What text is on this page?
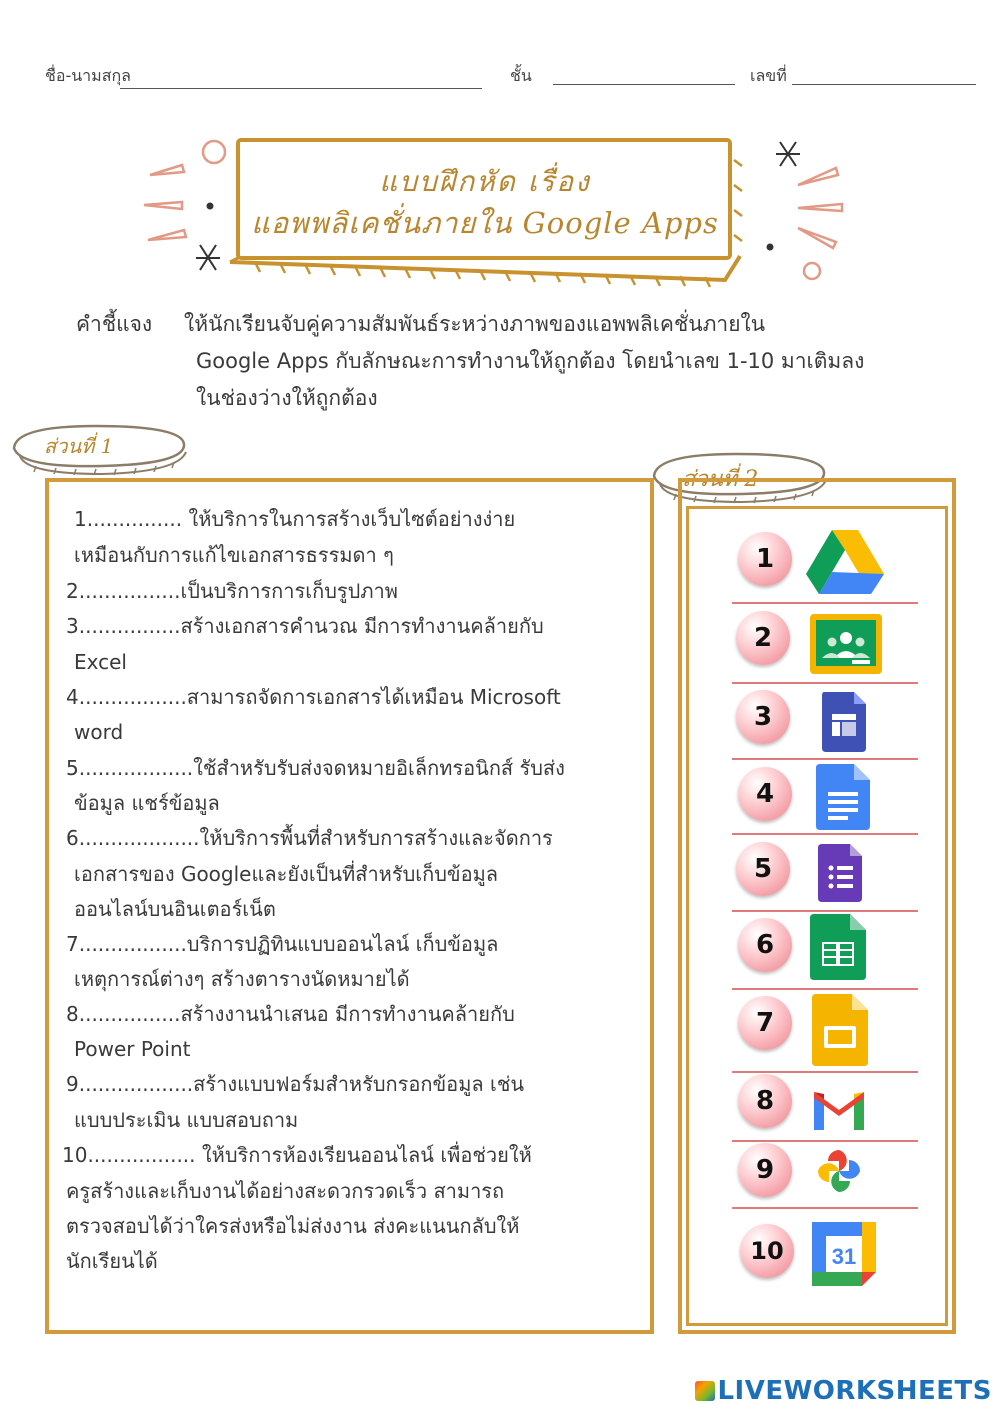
ชื่อ-นามสกุล	ชั้น	เลขที่
แบบฝึกหัด เรื่อง
แอพพลิเคชั่นภายใน Google Apps
คำชี้แจง ให้นักเรียนจับคู่ความสัมพันธ์ระหว่างภาพของแอพพลิเคชั่นภายใน
Google Apps กับลักษณะการทำงานให้ถูกต้อง โดยนำเลข 1-10 มาเติมลง
ในช่องว่างให้ถูกต้อง
ส่วนที่ 1
1............... ให้บริการในการสร้างเว็บไซต์อย่างง่าย
เหมือนกับการแก้ไขเอกสารธรรมดา ๆ
2................เป็นบริการการเก็บรูปภาพ
3................สร้างเอกสารคำนวณ มีการทำงานคล้ายกับ
Excel
4.................สามารถจัดการเอกสารได้เหมือน Microsoft
word
5..................ใช้สำหรับรับส่งจดหมายอิเล็กทรอนิกส์ รับส่ง
ข้อมูล แชร์ข้อมูล
6...................ให้บริการพื้นที่สำหรับการสร้างและจัดการ
เอกสารของ Googleและยังเป็นที่สำหรับเก็บข้อมูล
ออนไลน์บนอินเตอร์เน็ต
7.................บริการปฏิทินแบบออนไลน์ เก็บข้อมูล
เหตุการณ์ต่างๆ สร้างตารางนัดหมายได้
8................สร้างงานนำเสนอ มีการทำงานคล้ายกับ
Power Point
9..................สร้างแบบฟอร์มสำหรับกรอกข้อมูล เช่น
แบบประเมิน แบบสอบถาม
10................. ให้บริการห้องเรียนออนไลน์ เพื่อช่วยให้
ครูสร้างและเก็บงานได้อย่างสะดวกรวดเร็ว สามารถ
ตรวจสอบได้ว่าใครส่งหรือไม่ส่งงาน ส่งคะแนนกลับให้
นักเรียนได้
ส่วนที่ 2
1
2
3
4
5
6
7
8
9
10	31
LIVEWORKSHEETS
